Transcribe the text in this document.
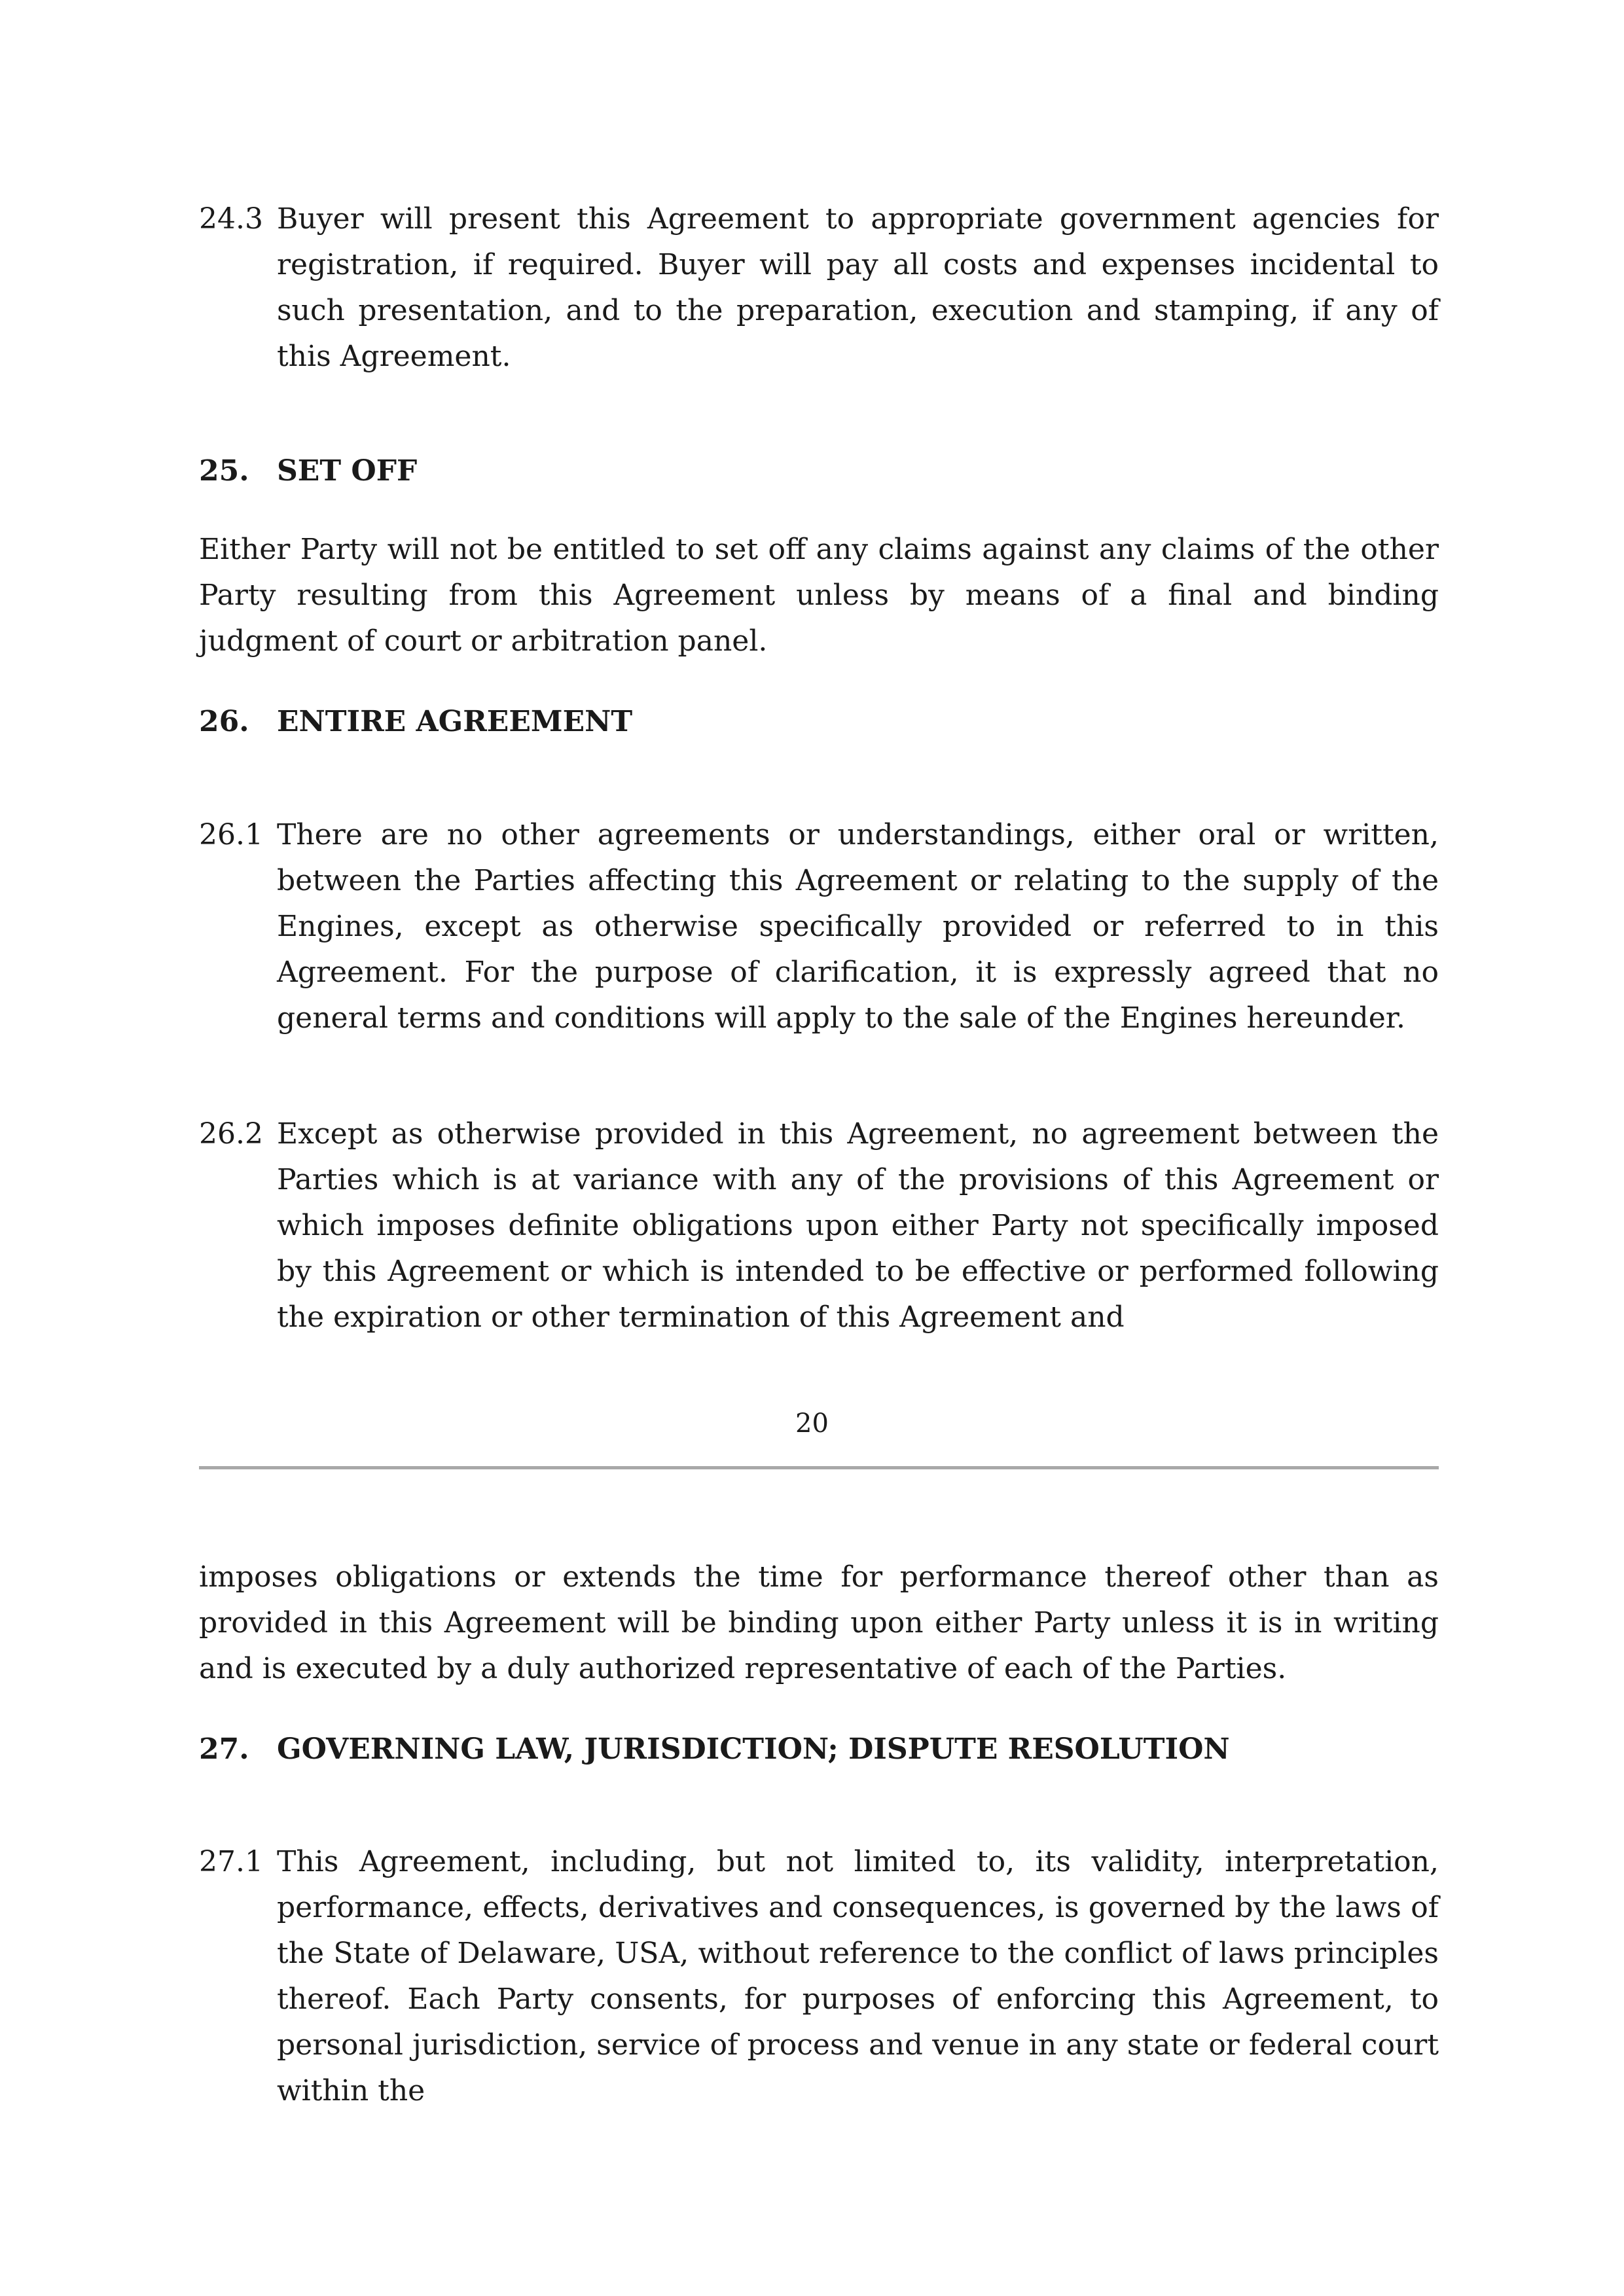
24.3 Buyer will present this Agreement to appropriate government agencies for registration, if required. Buyer will pay all costs and expenses incidental to such presentation, and to the preparation, execution and stamping, if any of this Agreement.
25. SET OFF
Either Party will not be entitled to set off any claims against any claims of the other Party resulting from this Agreement unless by means of a final and binding judgment of court or arbitration panel.
26. ENTIRE AGREEMENT
26.1 There are no other agreements or understandings, either oral or written, between the Parties affecting this Agreement or relating to the supply of the Engines, except as otherwise specifically provided or referred to in this Agreement. For the purpose of clarification, it is expressly agreed that no general terms and conditions will apply to the sale of the Engines hereunder.
26.2 Except as otherwise provided in this Agreement, no agreement between the Parties which is at variance with any of the provisions of this Agreement or which imposes definite obligations upon either Party not specifically imposed by this Agreement or which is intended to be effective or performed following the expiration or other termination of this Agreement and
20
imposes obligations or extends the time for performance thereof other than as provided in this Agreement will be binding upon either Party unless it is in writing and is executed by a duly authorized representative of each of the Parties.
27. GOVERNING LAW, JURISDICTION; DISPUTE RESOLUTION
27.1 This Agreement, including, but not limited to, its validity, interpretation, performance, effects, derivatives and consequences, is governed by the laws of the State of Delaware, USA, without reference to the conflict of laws principles thereof. Each Party consents, for purposes of enforcing this Agreement, to personal jurisdiction, service of process and venue in any state or federal court within the
